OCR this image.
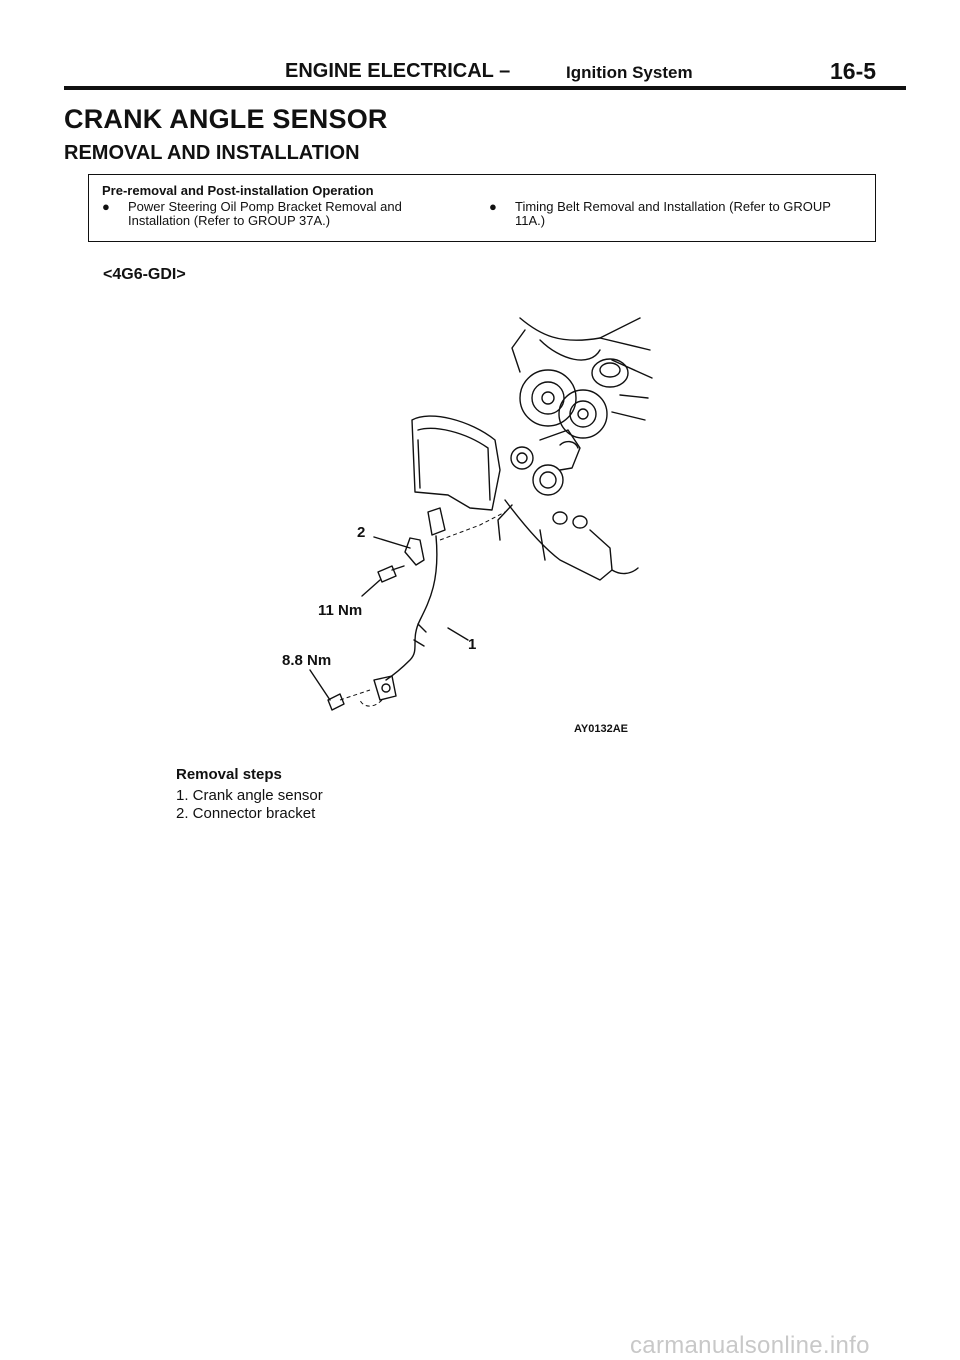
ENGINE ELECTRICAL –	Ignition System	16-5
CRANK ANGLE SENSOR
REMOVAL AND INSTALLATION
Pre-removal and Post-installation Operation
● Power Steering Oil Pomp Bracket Removal and Installation (Refer to GROUP 37A.)
● Timing Belt Removal and Installation (Refer to GROUP 11A.)
<4G6-GDI>
2
11 Nm
1
8.8 Nm
AY0132AE
Removal steps
1. Crank angle sensor
2. Connector bracket
carmanualsonline.info
